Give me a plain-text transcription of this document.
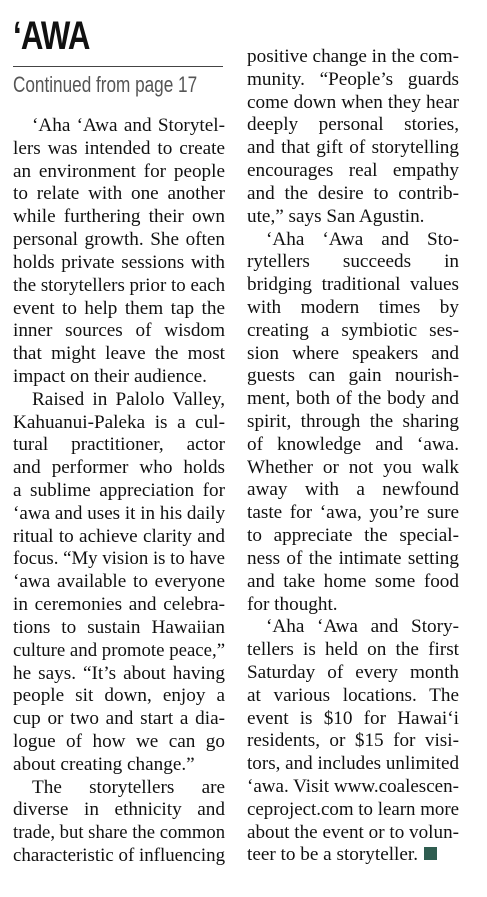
‘AWA

Continued from page 17

‘Aha ‘Awa and Storytel-
lers was intended to create
an environment for people
to relate with one another
while furthering their own
personal growth. She often
holds private sessions with
the storytellers prior to each
event to help them tap the
inner sources of wisdom
that might leave the most
impact on their audience.
Raised in Palolo Valley,
Kahuanui-Paleka is a cul-
tural practitioner, actor
and performer who holds
a sublime appreciation for
‘awa and uses it in his daily
ritual to achieve clarity and
focus. “My vision is to have
‘awa available to everyone
in ceremonies and celebra-
tions to sustain Hawaiian
culture and promote peace,”
he says. “It’s about having
people sit down, enjoy a
cup or two and start a dia-
logue of how we can go
about creating change.”
The storytellers are
diverse in ethnicity and
trade, but share the common
characteristic of influencing
positive change in the com-
munity. “People’s guards
come down when they hear
deeply personal stories,
and that gift of storytelling
encourages real empathy
and the desire to contrib-
ute,” says San Agustin.
‘Aha ‘Awa and Sto-
rytellers succeeds in
bridging traditional values
with modern times by
creating a symbiotic ses-
sion where speakers and
guests can gain nourish-
ment, both of the body and
spirit, through the sharing
of knowledge and ‘awa.
Whether or not you walk
away with a newfound
taste for ‘awa, you’re sure
to appreciate the special-
ness of the intimate setting
and take home some food
for thought.
‘Aha ‘Awa and Story-
tellers is held on the first
Saturday of every month
at various locations. The
event is $10 for Hawai‘i
residents, or $15 for visi-
tors, and includes unlimited
‘awa. Visit www.coalescen-
ceproject.com to learn more
about the event or to volun-
teer to be a storyteller.
